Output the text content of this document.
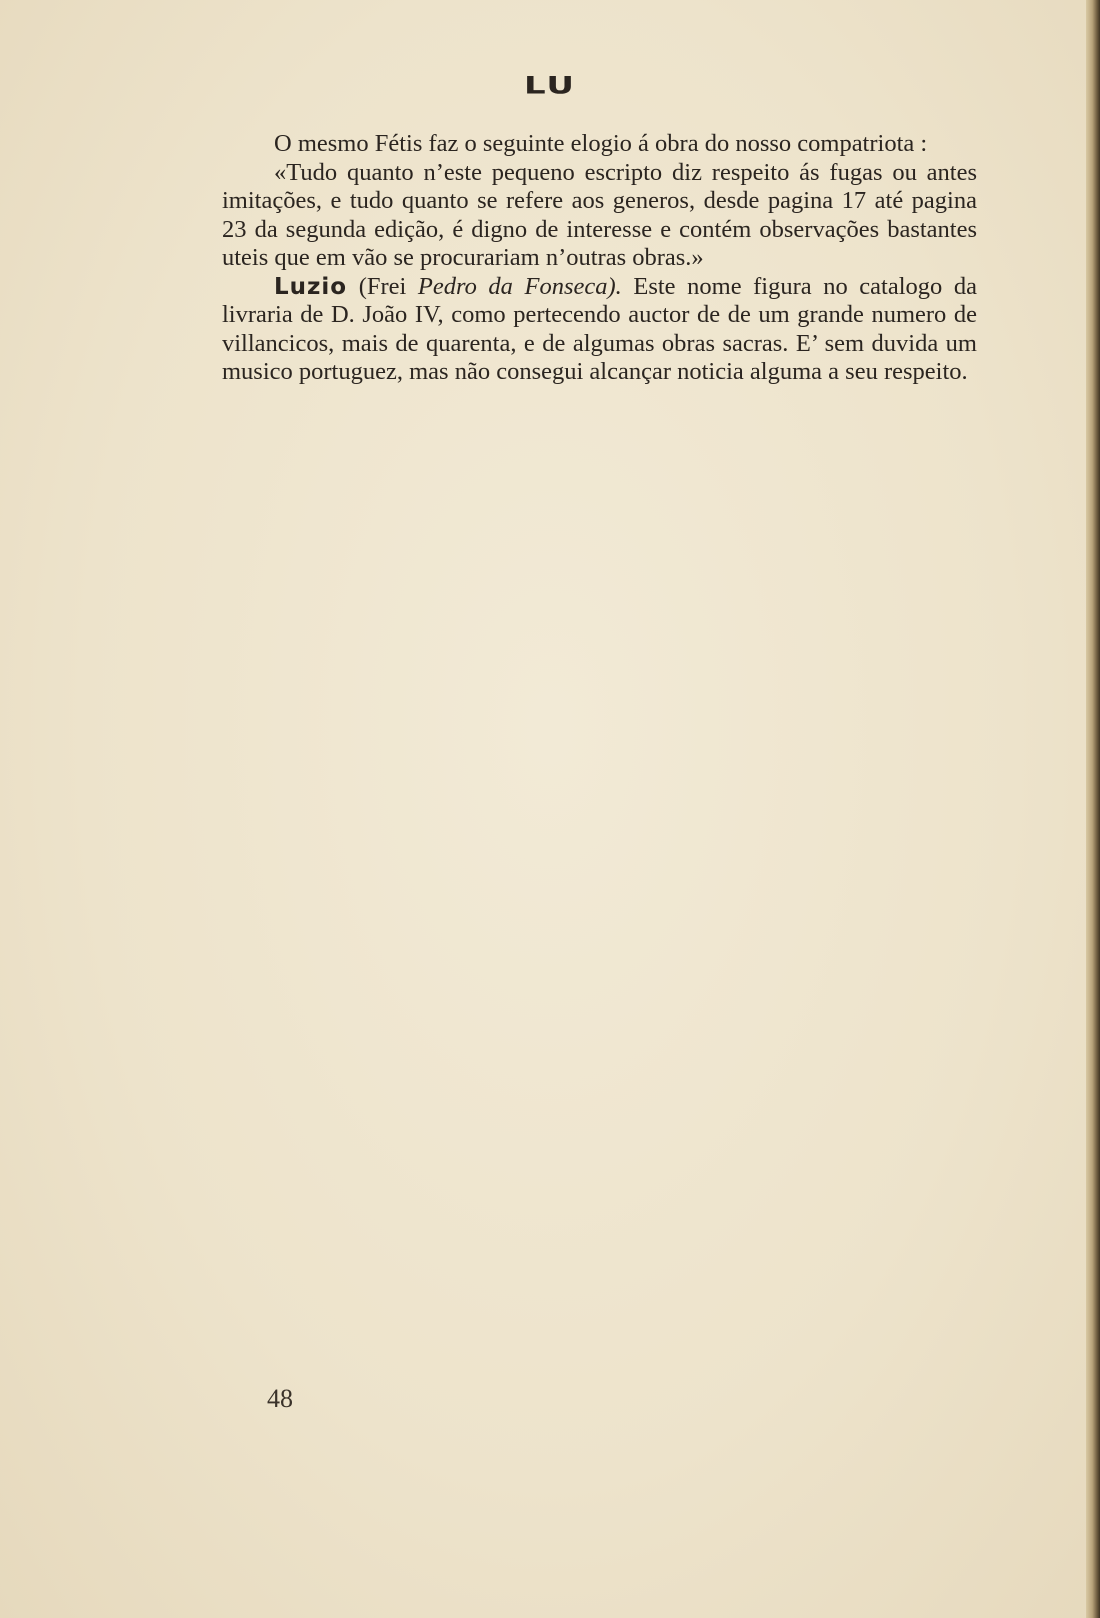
LU

O mesmo Fétis faz o seguinte elogio á obra do nosso compatriota :

«Tudo quanto n’este pequeno escripto diz respeito ás fugas ou antes imitações, e tudo quanto se refere aos generos, desde pagina 17 até pagina 23 da segunda edição, é digno de interesse e contém observações bastantes uteis que em vão se procurariam n’outras obras.»

Luzio (Frei Pedro da Fonseca). Este nome figura no catalogo da livraria de D. João IV, como pertecendo auctor de de um grande numero de villancicos, mais de quarenta, e de algumas obras sacras. E’ sem duvida um musico portuguez, mas não consegui alcançar noticia alguma a seu respeito.

48
